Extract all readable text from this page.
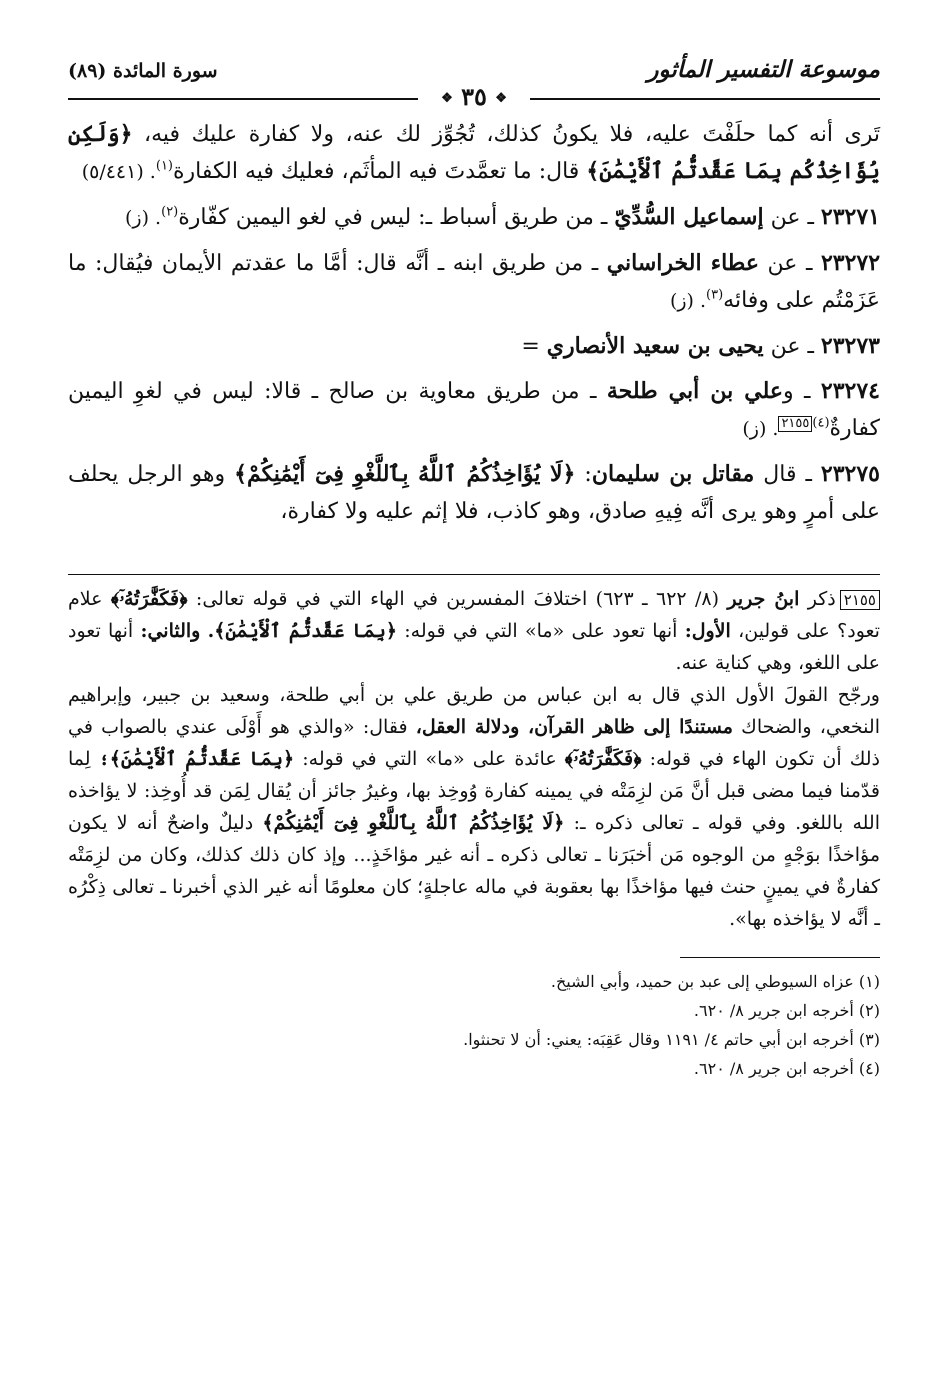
موسوعة التفسير المأثور
سورة المائدة (٨٩)
❖ ٣٥ ❖

تَرى أنه كما حلَفْتَ عليه، فلا يكونُ كذلك، تُجُوِّز لك عنه، ولا كفارة عليك فيه، ﴿وَلَكِن يُؤَاخِذُكُم بِمَا عَقَّدتُّمُ ٱلْأَيْمَٰنَ﴾ قال: ما تعمَّدتَ فيه المأثَم، فعليك فيه الكفارة$^{(١)}$. (٥/٤٤١)

٢٣٢٧١ ـ عن إسماعيل السُّدِّيّ ـ من طريق أسباط ـ: ليس في لغو اليمين كفّارة$^{(٢)}$. (ز)

٢٣٢٧٢ ـ عن عطاء الخراساني ـ من طريق ابنه ـ أنَّه قال: أمَّا ما عقدتم الأيمان فيُقال: ما عَزَمْتُم على وفائه$^{(٣)}$. (ز)

٢٣٢٧٣ ـ عن يحيى بن سعيد الأنصاري =

٢٣٢٧٤ ـ وعلي بن أبي طلحة ـ من طريق معاوية بن صالح ـ قالا: ليس في لغوِ اليمين كفارةٌ$^{(٤)}$٢١٥٥. (ز)

٢٣٢٧٥ ـ قال مقاتل بن سليمان: ﴿لَا يُؤَاخِذُكُمُ ٱللَّهُ بِٱللَّغْوِ فِىٓ أَيْمَٰنِكُمْ﴾ وهو الرجل يحلف على أمرٍ وهو يرى أنَّه فِيهِ صادق، وهو كاذب، فلا إثم عليه ولا كفارة،

٢١٥٥ذكر ابنُ جرير (٨/ ٦٢٢ ـ ٦٢٣) اختلافَ المفسرين في الهاء التي في قوله تعالى: ﴿فَكَفَّٰرَتُهُۥٓ﴾ علام تعود؟ على قولين، الأول: أنها تعود على «ما» التي في قوله: ﴿بِمَا عَقَّدتُّمُ ٱلْأَيْمَٰنَ﴾. والثاني: أنها تعود على اللغو، وهي كناية عنه.

ورجّح القولَ الأول الذي قال به ابن عباس من طريق علي بن أبي طلحة، وسعيد بن جبير، وإبراهيم النخعي، والضحاك مستندًا إلى ظاهر القرآن، ودلالة العقل، فقال: «والذي هو أَوْلَى عندي بالصواب في ذلك أن تكون الهاء في قوله: ﴿فَكَفَّٰرَتُهُۥٓ﴾ عائدة على «ما» التي في قوله: ﴿بِمَا عَقَّدتُّمُ ٱلْأَيْمَٰنَ﴾؛ لِما قدّمنا فيما مضى قبل أنَّ مَن لزِمَتْه في يمينه كفارة وُوخِذ بها، وغيرُ جائز أن يُقال لِمَن قد أُوخِذ: لا يؤاخذه الله باللغو. وفي قوله ـ تعالى ذكره ـ: ﴿لَا يُؤَاخِذُكُمُ ٱللَّهُ بِٱللَّغْوِ فِىٓ أَيْمَٰنِكُمْ﴾ دليلٌ واضحٌ أنه لا يكون مؤاخذًا بوَجْهٍ من الوجوه مَن أخبَرَنا ـ تعالى ذكره ـ أنه غير مؤاخَذٍ... وإذ كان ذلك كذلك، وكان من لزِمَتْه كفارةٌ في يمينٍ حنث فيها مؤاخذًا بها بعقوبة في ماله عاجلةٍ؛ كان معلومًا أنه غير الذي أخبرنا ـ تعالى ذِكْرُه ـ أنَّه لا يؤاخذه بها».

(١) عزاه السيوطي إلى عبد بن حميد، وأبي الشيخ.
(٢) أخرجه ابن جرير ٨/ ٦٢٠.
(٣) أخرجه ابن أبي حاتم ٤/ ١١٩١ وقال عَقِبَه: يعني: أن لا تحنثوا.
(٤) أخرجه ابن جرير ٨/ ٦٢٠.
